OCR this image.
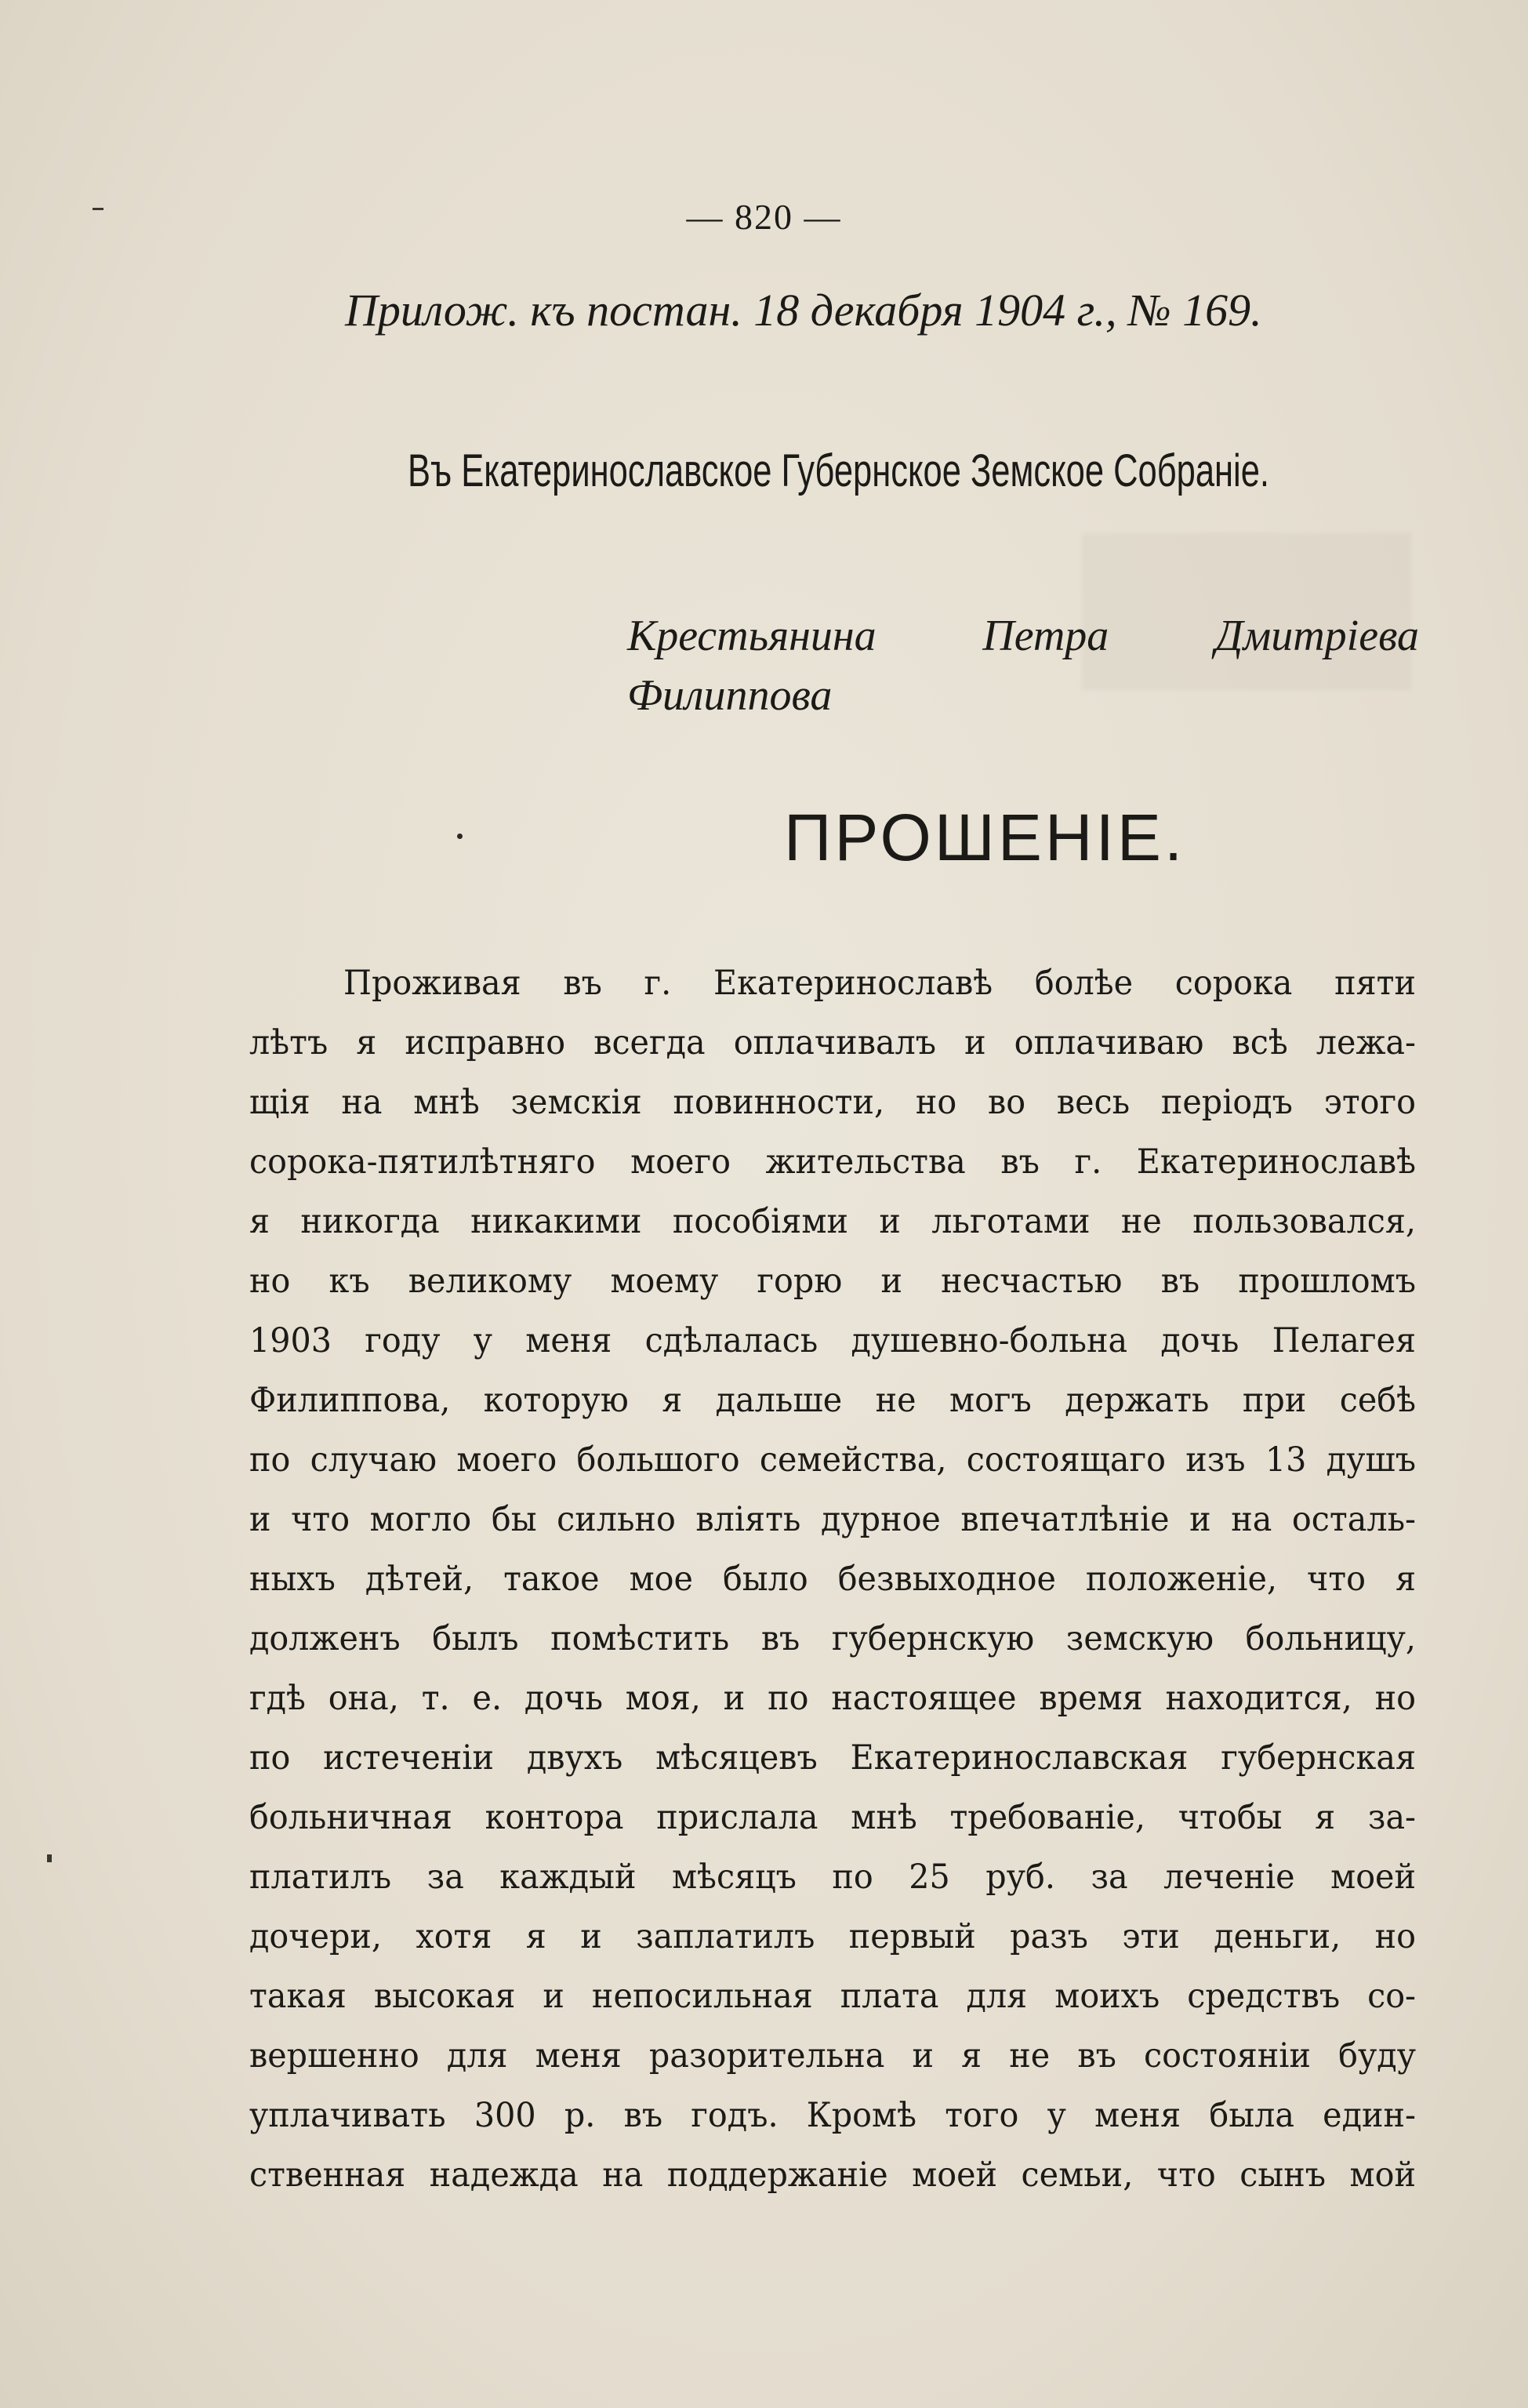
— 820 —
Прилож. къ постан. 18 декабря 1904 г., № 169.
Въ Екатеринославское Губернское Земское Собраніе.
Крестьянина Петра Дмитріева
Филиппова
ПРОШЕНІЕ.
Проживая въ г. Екатеринославѣ болѣе сорока пяти
лѣтъ я исправно всегда оплачивалъ и оплачиваю всѣ лежа-
щія на мнѣ земскія повинности, но во весь періодъ этого
сорока-пятилѣтняго моего жительства въ г. Екатеринославѣ
я никогда никакими пособіями и льготами не пользовался,
но къ великому моему горю и несчастью въ прошломъ
1903 году у меня сдѣлалась душевно-больна дочь Пелагея
Филиппова, которую я дальше не могъ держать при себѣ
по случаю моего большого семейства, состоящаго изъ 13 душъ
и что могло бы сильно вліять дурное впечатлѣніе и на осталь-
ныхъ дѣтей, такое мое было безвыходное положеніе, что я
долженъ былъ помѣстить въ губернскую земскую больницу,
гдѣ она, т. е. дочь моя, и по настоящее время находится, но
по истеченіи двухъ мѣсяцевъ Екатеринославская губернская
больничная контора прислала мнѣ требованіе, чтобы я за-
платилъ за каждый мѣсяцъ по 25 руб. за леченіе моей
дочери, хотя я и заплатилъ первый разъ эти деньги, но
такая высокая и непосильная плата для моихъ средствъ со-
вершенно для меня разорительна и я не въ состояніи буду
уплачивать 300 р. въ годъ. Кромѣ того у меня была един-
ственная надежда на поддержаніе моей семьи, что сынъ мой
